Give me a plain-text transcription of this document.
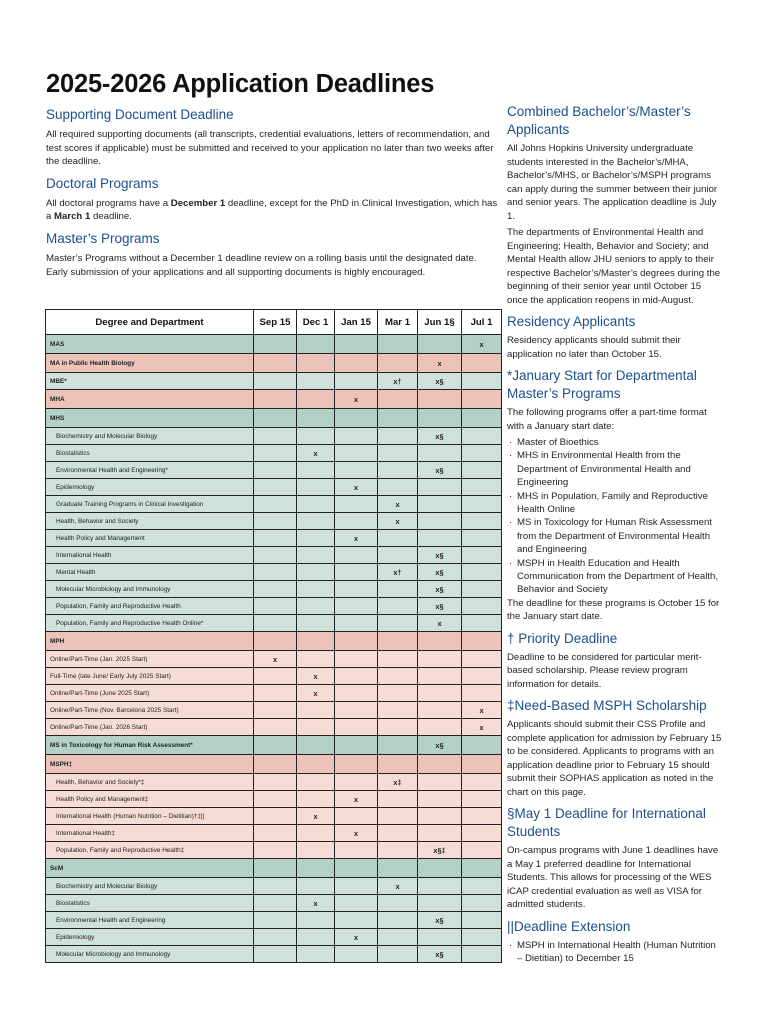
2025-2026 Application Deadlines
Supporting Document Deadline

All required supporting documents (all transcripts, credential evaluations, letters of recommendation, and test scores if applicable) must be submitted and received to your application no later than two weeks after the deadline.

Doctoral Programs

All doctoral programs have a December 1 deadline, except for the PhD in Clinical Investigation, which has a March 1 deadline.

Master’s Programs

Master’s Programs without a December 1 deadline review on a rolling basis until the designated date. Early submission of your applications and all supporting documents is highly encouraged.

Degree and Department	Sep 15	Dec 1	Jan 15	Mar 1	Jun 1§	Jul 1
MAS						x
MA in Public Health Biology					x	
MBE*				x†	x§	
MHA			x			
MHS						
Biochemistry and Molecular Biology					x§	
Biostatistics		x				
Environmental Health and Engineering*					x§	
Epidemiology			x			
Graduate Training Programs in Clinical Investigation				x		
Health, Behavior and Society				x		
Health Policy and Management			x			
International Health					x§	
Mental Health				x†	x§	
Molecular Microbiology and Immunology					x§	
Population, Family and Reproductive Health					x§	
Population, Family and Reproductive Health Online*					x	
MPH						
Online/Part-Time (Jan. 2025 Start)	x					
Full-Time (late June/ Early July 2025 Start)		x				
Online/Part-Time (June 2025 Start)		x				
Online/Part-Time (Nov. Barcelona 2025 Start)						x
Online/Part-Time (Jan. 2026 Start)						x
MS in Toxicology for Human Risk Assessment*					x§	
MSPH‡						
Health, Behavior and Society*‡				x‡		
Health Policy and Management‡			x			
International Health (Human Nutrition – Dietitian)†‡||		x				
International Health‡			x			
Population, Family and Reproductive Health‡					x§‡	
ScM						
Biochemistry and Molecular Biology				x		
Biostatistics		x				
Environmental Health and Engineering					x§	
Epidemiology			x			
Molecular Microbiology and Immunology					x§	
Combined Bachelor’s/Master’s Applicants

All Johns Hopkins University undergraduate students interested in the Bachelor’s/MHA, Bachelor’s/MHS, or Bachelor’s/MSPH programs can apply during the summer between their junior and senior years. The application deadline is July 1.

The departments of Environmental Health and Engineering; Health, Behavior and Society; and Mental Health allow JHU seniors to apply to their respective Bachelor’s/Master’s degrees during the beginning of their senior year until October 15 once the application reopens in mid-August.

Residency Applicants

Residency applicants should submit their application no later than October 15.

*January Start for Departmental Master’s Programs

The following programs offer a part-time format with a January start date:

· Master of Bioethics
· MHS in Environmental Health from the Department of Environmental Health and Engineering
· MHS in Population, Family and Reproductive Health Online
· MS in Toxicology for Human Risk Assessment from the Department of Environmental Health and Engineering
· MSPH in Health Education and Health Communication from the Department of Health, Behavior and Society

The deadline for these programs is October 15 for the January start date.

† Priority Deadline

Deadline to be considered for particular merit-based scholarship. Please review program information for details.

‡Need-Based MSPH Scholarship

Applicants should submit their CSS Profile and complete application for admission by February 15 to be considered. Applicants to programs with an application deadline prior to February 15 should submit their SOPHAS application as noted in the chart on this page.

§May 1 Deadline for International Students

On-campus programs with June 1 deadlines have a May 1 preferred deadline for International Students. This allows for processing of the WES iCAP credential evaluation as well as VISA for admitted students.

||Deadline Extension
· MSPH in International Health (Human Nutrition – Dietitian) to December 15
